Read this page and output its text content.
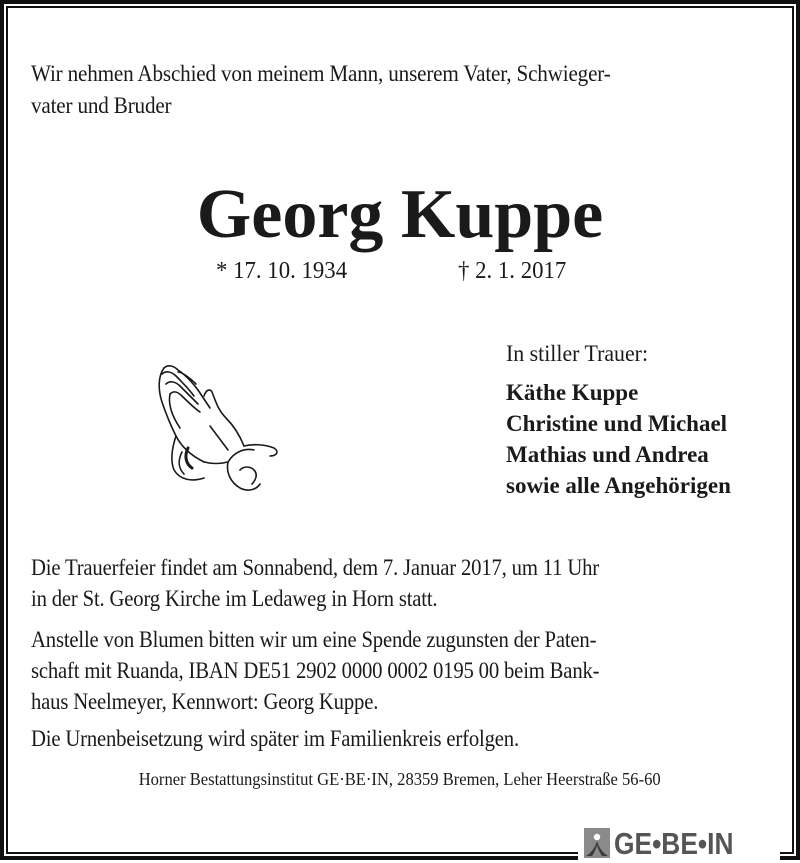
Wir nehmen Abschied von meinem Mann, unserem Vater, Schwieger-
vater und Bruder
Georg Kuppe
* 17. 10. 1934	† 2. 1. 2017
In stiller Trauer:
Käthe Kuppe
Christine und Michael
Mathias und Andrea
sowie alle Angehörigen
Die Trauerfeier findet am Sonnabend, dem 7. Januar 2017, um 11 Uhr
in der St. Georg Kirche im Ledaweg in Horn statt.
Anstelle von Blumen bitten wir um eine Spende zugunsten der Paten-
schaft mit Ruanda, IBAN DE51 2902 0000 0002 0195 00 beim Bank-
haus Neelmeyer, Kennwort: Georg Kuppe.
Die Urnenbeisetzung wird später im Familienkreis erfolgen.
Horner Bestattungsinstitut GE·BE·IN, 28359 Bremen, Leher Heerstraße 56-60
GE•BE•IN
